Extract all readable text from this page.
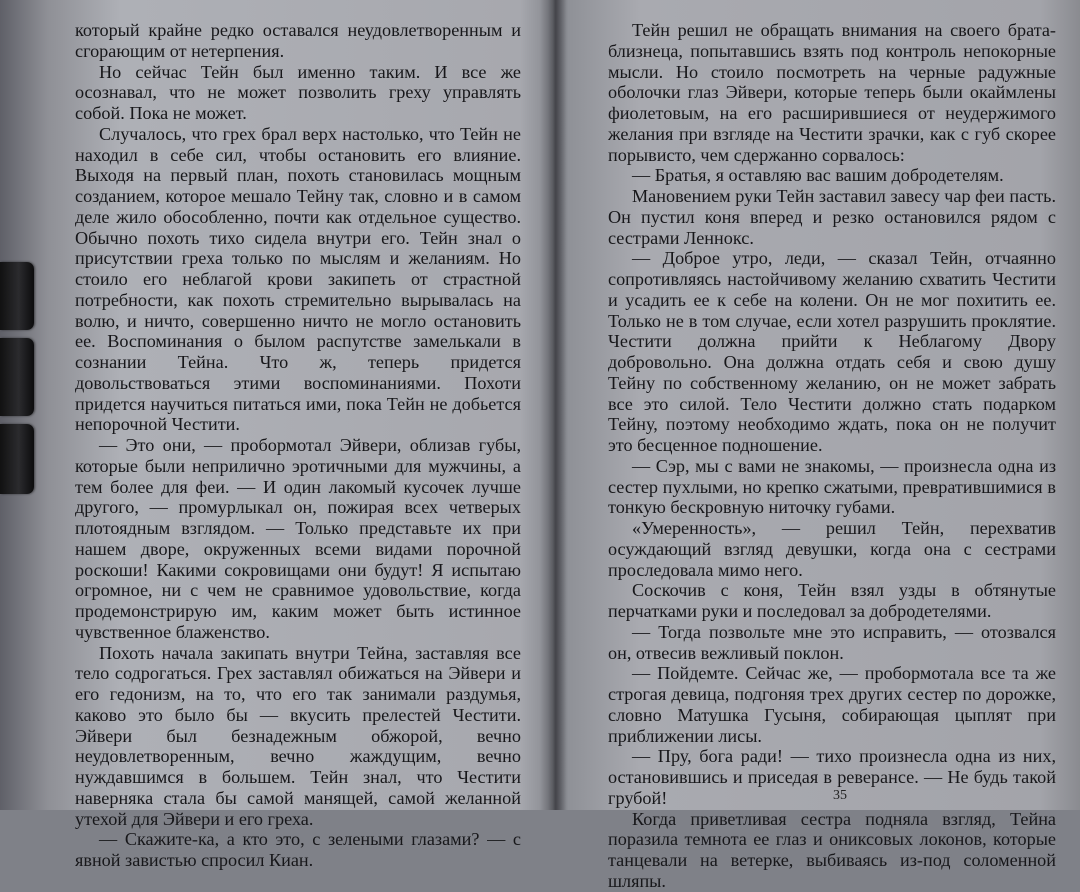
который крайне редко оставался неудовлетворенным и сгорающим от нетерпения.

Но сейчас Тейн был именно таким. И все же осознавал, что не может позволить греху управлять собой. Пока не может.

Случалось, что грех брал верх настолько, что Тейн не находил в себе сил, чтобы остановить его влияние. Выходя на первый план, похоть становилась мощным созданием, которое мешало Тейну так, словно и в самом деле жило обособленно, почти как отдельное существо. Обычно похоть тихо сидела внутри его. Тейн знал о присутствии греха только по мыслям и желаниям. Но стоило его неблагой крови закипеть от страстной потребности, как похоть стремительно вырывалась на волю, и ничто, совершенно ничто не могло остановить ее. Воспоминания о былом распутстве замелькали в сознании Тейна. Что ж, теперь придется довольствоваться этими воспоминаниями. Похоти придется научиться питаться ими, пока Тейн не добьется непорочной Честити.

— Это они, — пробормотал Эйвери, облизав губы, которые были неприлично эротичными для мужчины, а тем более для феи. — И один лакомый кусочек лучше другого, — промурлыкал он, пожирая всех четверых плотоядным взглядом. — Только представьте их при нашем дворе, окруженных всеми видами порочной роскоши! Какими сокровищами они будут! Я испытаю огромное, ни с чем не сравнимое удовольствие, когда продемонстрирую им, каким может быть истинное чувственное блаженство.

Похоть начала закипать внутри Тейна, заставляя все тело содрогаться. Грех заставлял обижаться на Эйвери и его гедонизм, на то, что его так занимали раздумья, каково это было бы — вкусить прелестей Честити. Эйвери был безнадежным обжорой, вечно неудовлетворенным, вечно жаждущим, вечно нуждавшимся в большем. Тейн знал, что Честити наверняка стала бы самой манящей, самой желанной утехой для Эйвери и его греха.

— Скажите-ка, а кто это, с зелеными глазами? — с явной завистью спросил Киан.

Тейн решил не обращать внимания на своего брата-близнеца, попытавшись взять под контроль непокорные мысли. Но стоило посмотреть на черные радужные оболочки глаз Эйвери, которые теперь были окаймлены фиолетовым, на его расширившиеся от неудержимого желания при взгляде на Честити зрачки, как с губ скорее порывисто, чем сдержанно сорвалось:

— Братья, я оставляю вас вашим добродетелям.

Мановением руки Тейн заставил завесу чар феи пасть. Он пустил коня вперед и резко остановился рядом с сестрами Леннокс.

— Доброе утро, леди, — сказал Тейн, отчаянно сопротивляясь настойчивому желанию схватить Честити и усадить ее к себе на колени. Он не мог похитить ее. Только не в том случае, если хотел разрушить проклятие. Честити должна прийти к Неблагому Двору добровольно. Она должна отдать себя и свою душу Тейну по собственному желанию, он не может забрать все это силой. Тело Честити должно стать подарком Тейну, поэтому необходимо ждать, пока он не получит это бесценное подношение.

— Сэр, мы с вами не знакомы, — произнесла одна из сестер пухлыми, но крепко сжатыми, превратившимися в тонкую бескровную ниточку губами.

«Умеренность», — решил Тейн, перехватив осуждающий взгляд девушки, когда она с сестрами проследовала мимо него.

Соскочив с коня, Тейн взял узды в обтянутые перчатками руки и последовал за добродетелями.

— Тогда позвольте мне это исправить, — отозвался он, отвесив вежливый поклон.

— Пойдемте. Сейчас же, — пробормотала все та же строгая девица, подгоняя трех других сестер по дорожке, словно Матушка Гусыня, собирающая цыплят при приближении лисы.

— Пру, бога ради! — тихо произнесла одна из них, остановившись и приседая в реверансе. — Не будь такой грубой!

Когда приветливая сестра подняла взгляд, Тейна поразила темнота ее глаз и ониксовых локонов, которые танцевали на ветерке, выбиваясь из-под соломенной шляпы.

35
